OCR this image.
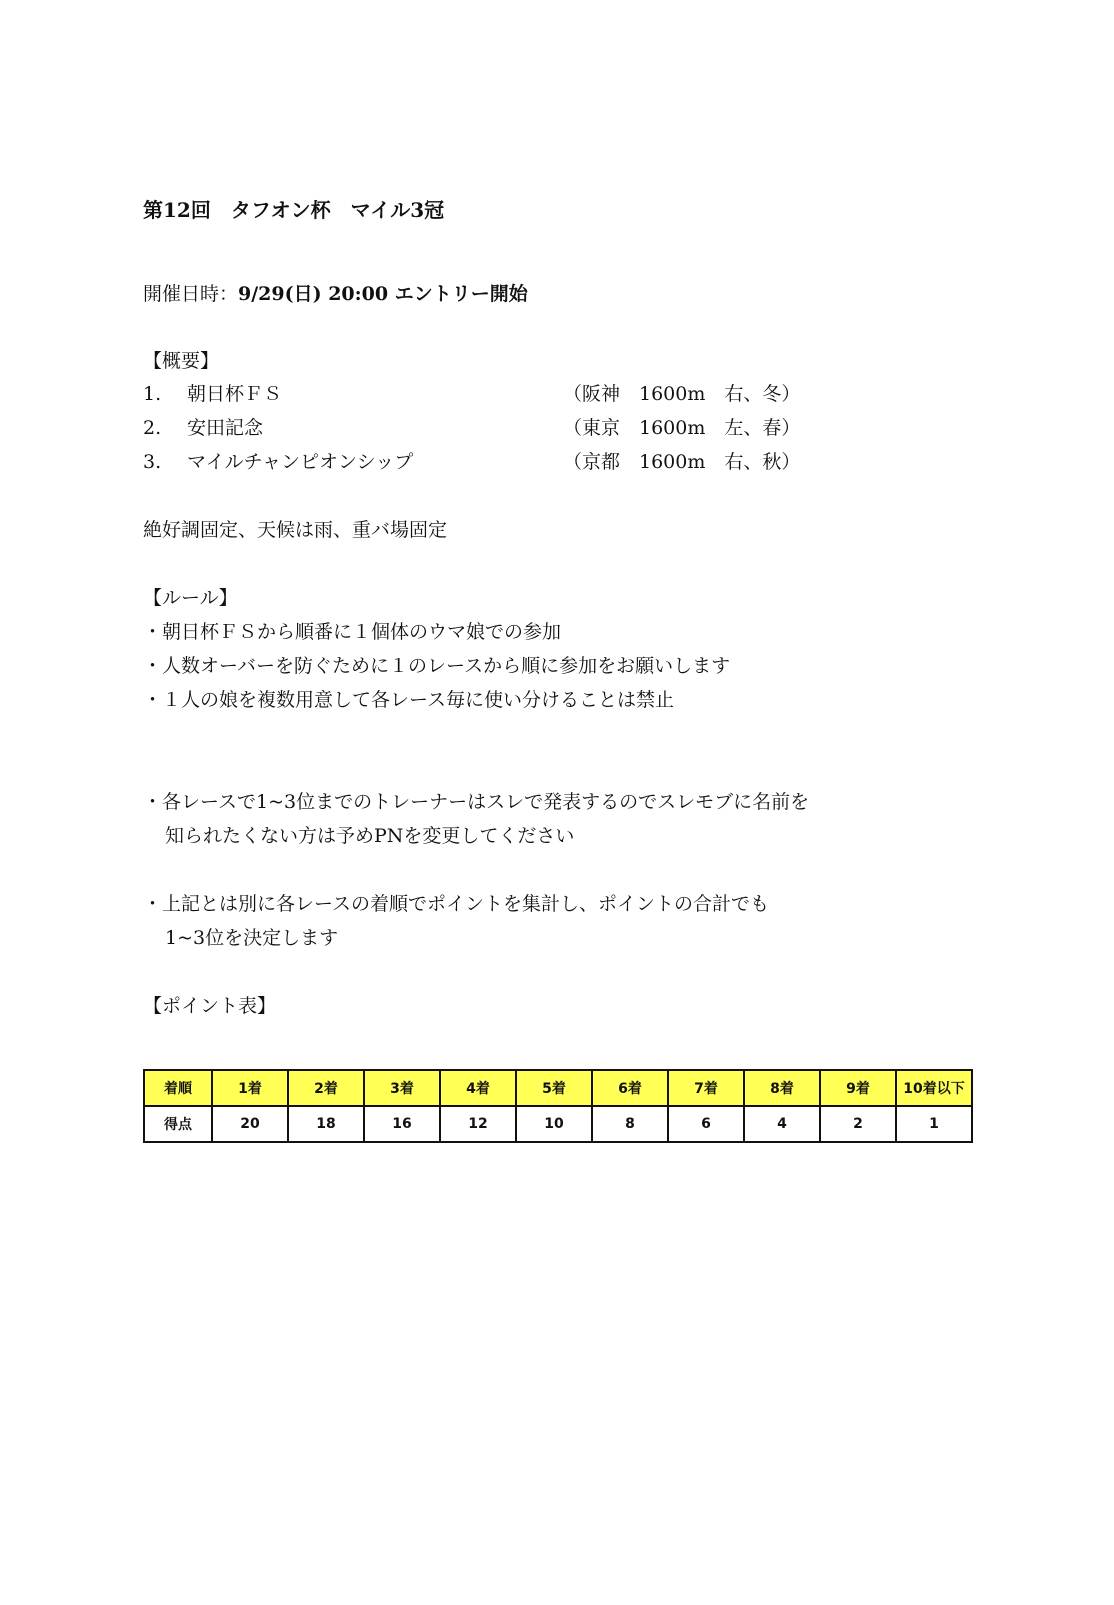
第12回　タフオン杯　マイル3冠
開催日時：9/29(日) 20:00 エントリー開始
【概要】
1. 朝日杯ＦＳ	（阪神　1600m　右、冬）
2. 安田記念	（東京　1600m　左、春）
3. マイルチャンピオンシップ	（京都　1600m　右、秋）
絶好調固定、天候は雨、重バ場固定
【ルール】
・朝日杯ＦＳから順番に１個体のウマ娘での参加
・人数オーバーを防ぐために１のレースから順に参加をお願いします
・１人の娘を複数用意して各レース毎に使い分けることは禁止
・各レースで1~3位までのトレーナーはスレで発表するのでスレモブに名前を
知られたくない方は予めPNを変更してください
・上記とは別に各レースの着順でポイントを集計し、ポイントの合計でも
1~3位を決定します
【ポイント表】
着順	1着	2着	3着	4着	5着	6着	7着	8着	9着	10着以下
得点	20	18	16	12	10	8	6	4	2	1
